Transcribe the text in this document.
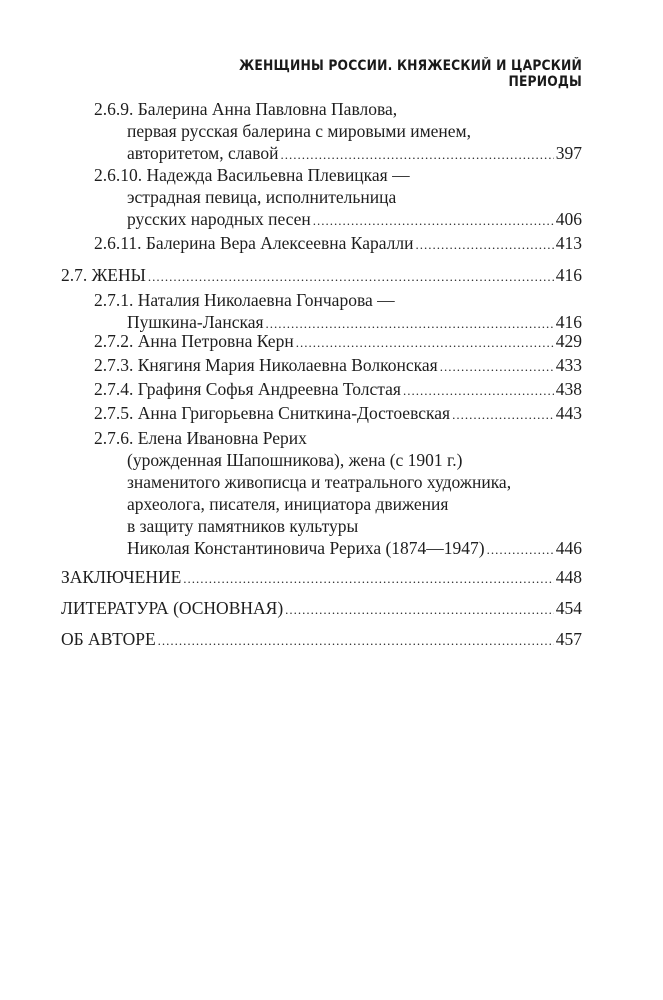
ЖЕНЩИНЫ РОССИИ. КНЯЖЕСКИЙ И ЦАРСКИЙ ПЕРИОДЫ
2.6.9. Балерина Анна Павловна Павлова,
первая русская балерина с мировыми именем,
авторитетом, славой .....	397
2.6.10. Надежда Васильевна Плевицкая —
эстрадная певица, исполнительница
русских народных песен .....	406
2.6.11. Балерина Вера Алексеевна Каралли .....	413
2.7. ЖЕНЫ .....	416
2.7.1. Наталия Николаевна Гончарова —
Пушкина-Ланская .....	416
2.7.2. Анна Петровна Керн .....	429
2.7.3. Княгиня Мария Николаевна Волконская .....	433
2.7.4. Графиня Софья Андреевна Толстая .....	438
2.7.5. Анна Григорьевна Сниткина-Достоевская .....	443
2.7.6. Елена Ивановна Рерих
(урожденная Шапошникова), жена (с 1901 г.)
знаменитого живописца и театрального художника,
археолога, писателя, инициатора движения
в защиту памятников культуры
Николая Константиновича Рериха (1874—1947) .....	446
ЗАКЛЮЧЕНИЕ .....	448
ЛИТЕРАТУРА (ОСНОВНАЯ) .....	454
ОБ АВТОРЕ .....	457
